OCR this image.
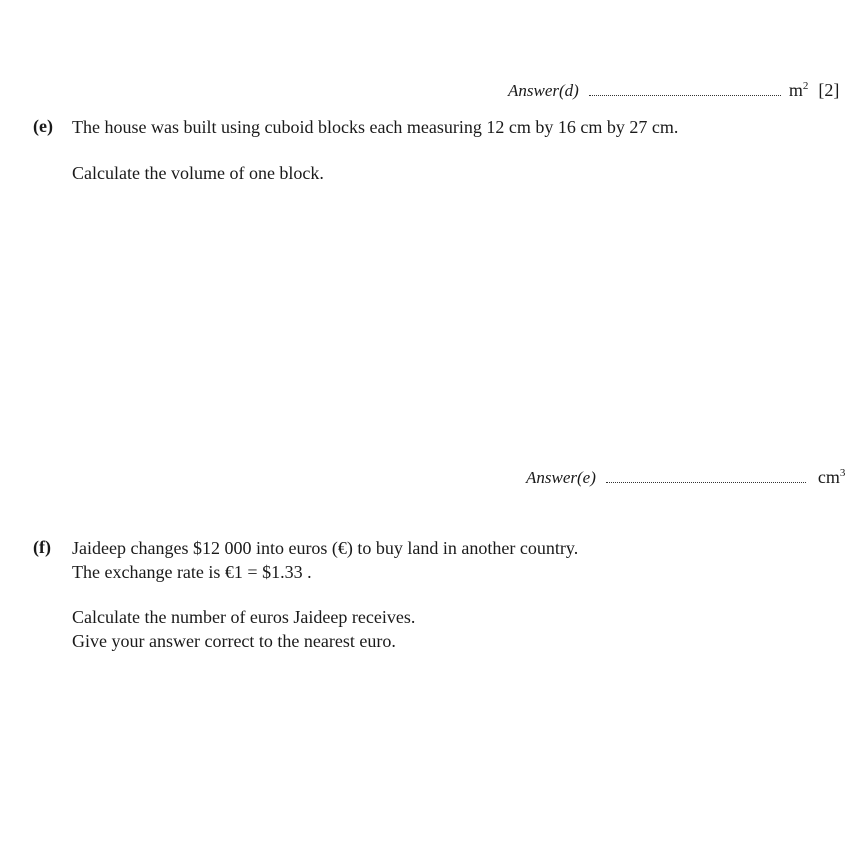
Answer(d)	$m^2$ [2]
(e) The house was built using cuboid blocks each measuring 12 cm by 16 cm by 27 cm.
Calculate the volume of one block.
Answer(e)	$cm^3$
(f) Jaideep changes $12 000 into euros (€) to buy land in another country.
The exchange rate is €1 = $1.33 .
Calculate the number of euros Jaideep receives.
Give your answer correct to the nearest euro.
